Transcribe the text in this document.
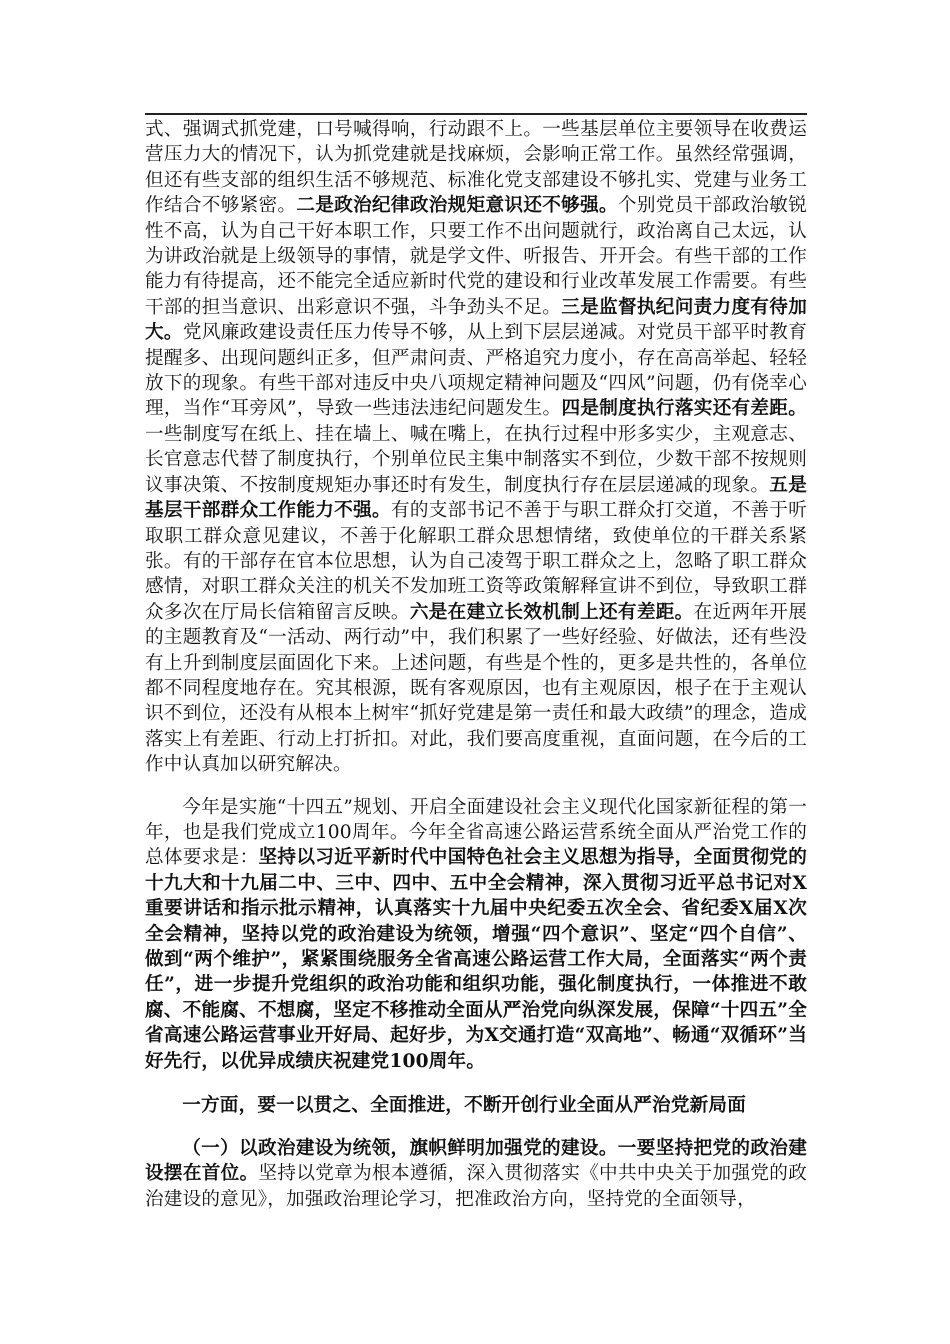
式、强调式抓党建，口号喊得响，行动跟不上。一些基层单位主要领导在收费运营压力大的情况下，认为抓党建就是找麻烦，会影响正常工作。虽然经常强调，但还有些支部的组织生活不够规范、标准化党支部建设不够扎实、党建与业务工作结合不够紧密。二是政治纪律政治规矩意识还不够强。个别党员干部政治敏锐性不高，认为自己干好本职工作，只要工作不出问题就行，政治离自己太远，认为讲政治就是上级领导的事情，就是学文件、听报告、开开会。有些干部的工作能力有待提高，还不能完全适应新时代党的建设和行业改革发展工作需要。有些干部的担当意识、出彩意识不强，斗争劲头不足。三是监督执纪问责力度有待加大。党风廉政建设责任压力传导不够，从上到下层层递减。对党员干部平时教育提醒多、出现问题纠正多，但严肃问责、严格追究力度小，存在高高举起、轻轻放下的现象。有些干部对违反中央八项规定精神问题及“四风”问题，仍有侥幸心理，当作“耳旁风”，导致一些违法违纪问题发生。四是制度执行落实还有差距。一些制度写在纸上、挂在墙上、喊在嘴上，在执行过程中形多实少，主观意志、长官意志代替了制度执行，个别单位民主集中制落实不到位，少数干部不按规则议事决策、不按制度规矩办事还时有发生，制度执行存在层层递减的现象。五是基层干部群众工作能力不强。有的支部书记不善于与职工群众打交道，不善于听取职工群众意见建议，不善于化解职工群众思想情绪，致使单位的干群关系紧张。有的干部存在官本位思想，认为自己凌驾于职工群众之上，忽略了职工群众感情，对职工群众关注的机关不发加班工资等政策解释宣讲不到位，导致职工群众多次在厅局长信箱留言反映。六是在建立长效机制上还有差距。在近两年开展的主题教育及“一活动、两行动”中，我们积累了一些好经验、好做法，还有些没有上升到制度层面固化下来。上述问题，有些是个性的，更多是共性的，各单位都不同程度地存在。究其根源，既有客观原因，也有主观原因，根子在于主观认识不到位，还没有从根本上树牢“抓好党建是第一责任和最大政绩”的理念，造成落实上有差距、行动上打折扣。对此，我们要高度重视，直面问题，在今后的工作中认真加以研究解决。

今年是实施“十四五”规划、开启全面建设社会主义现代化国家新征程的第一年，也是我们党成立100周年。今年全省高速公路运营系统全面从严治党工作的总体要求是：坚持以习近平新时代中国特色社会主义思想为指导，全面贯彻党的十九大和十九届二中、三中、四中、五中全会精神，深入贯彻习近平总书记对X重要讲话和指示批示精神，认真落实十九届中央纪委五次全会、省纪委X届X次全会精神，坚持以党的政治建设为统领，增强“四个意识”、坚定“四个自信”、做到“两个维护”，紧紧围绕服务全省高速公路运营工作大局，全面落实“两个责任”，进一步提升党组织的政治功能和组织功能，强化制度执行，一体推进不敢腐、不能腐、不想腐，坚定不移推动全面从严治党向纵深发展，保障“十四五”全省高速公路运营事业开好局、起好步，为X交通打造“双高地”、畅通“双循环”当好先行，以优异成绩庆祝建党100周年。

一方面，要一以贯之、全面推进，不断开创行业全面从严治党新局面

（一）以政治建设为统领，旗帜鲜明加强党的建设。一要坚持把党的政治建设摆在首位。坚持以党章为根本遵循，深入贯彻落实《中共中央关于加强党的政治建设的意见》，加强政治理论学习，把准政治方向，坚持党的全面领导，
